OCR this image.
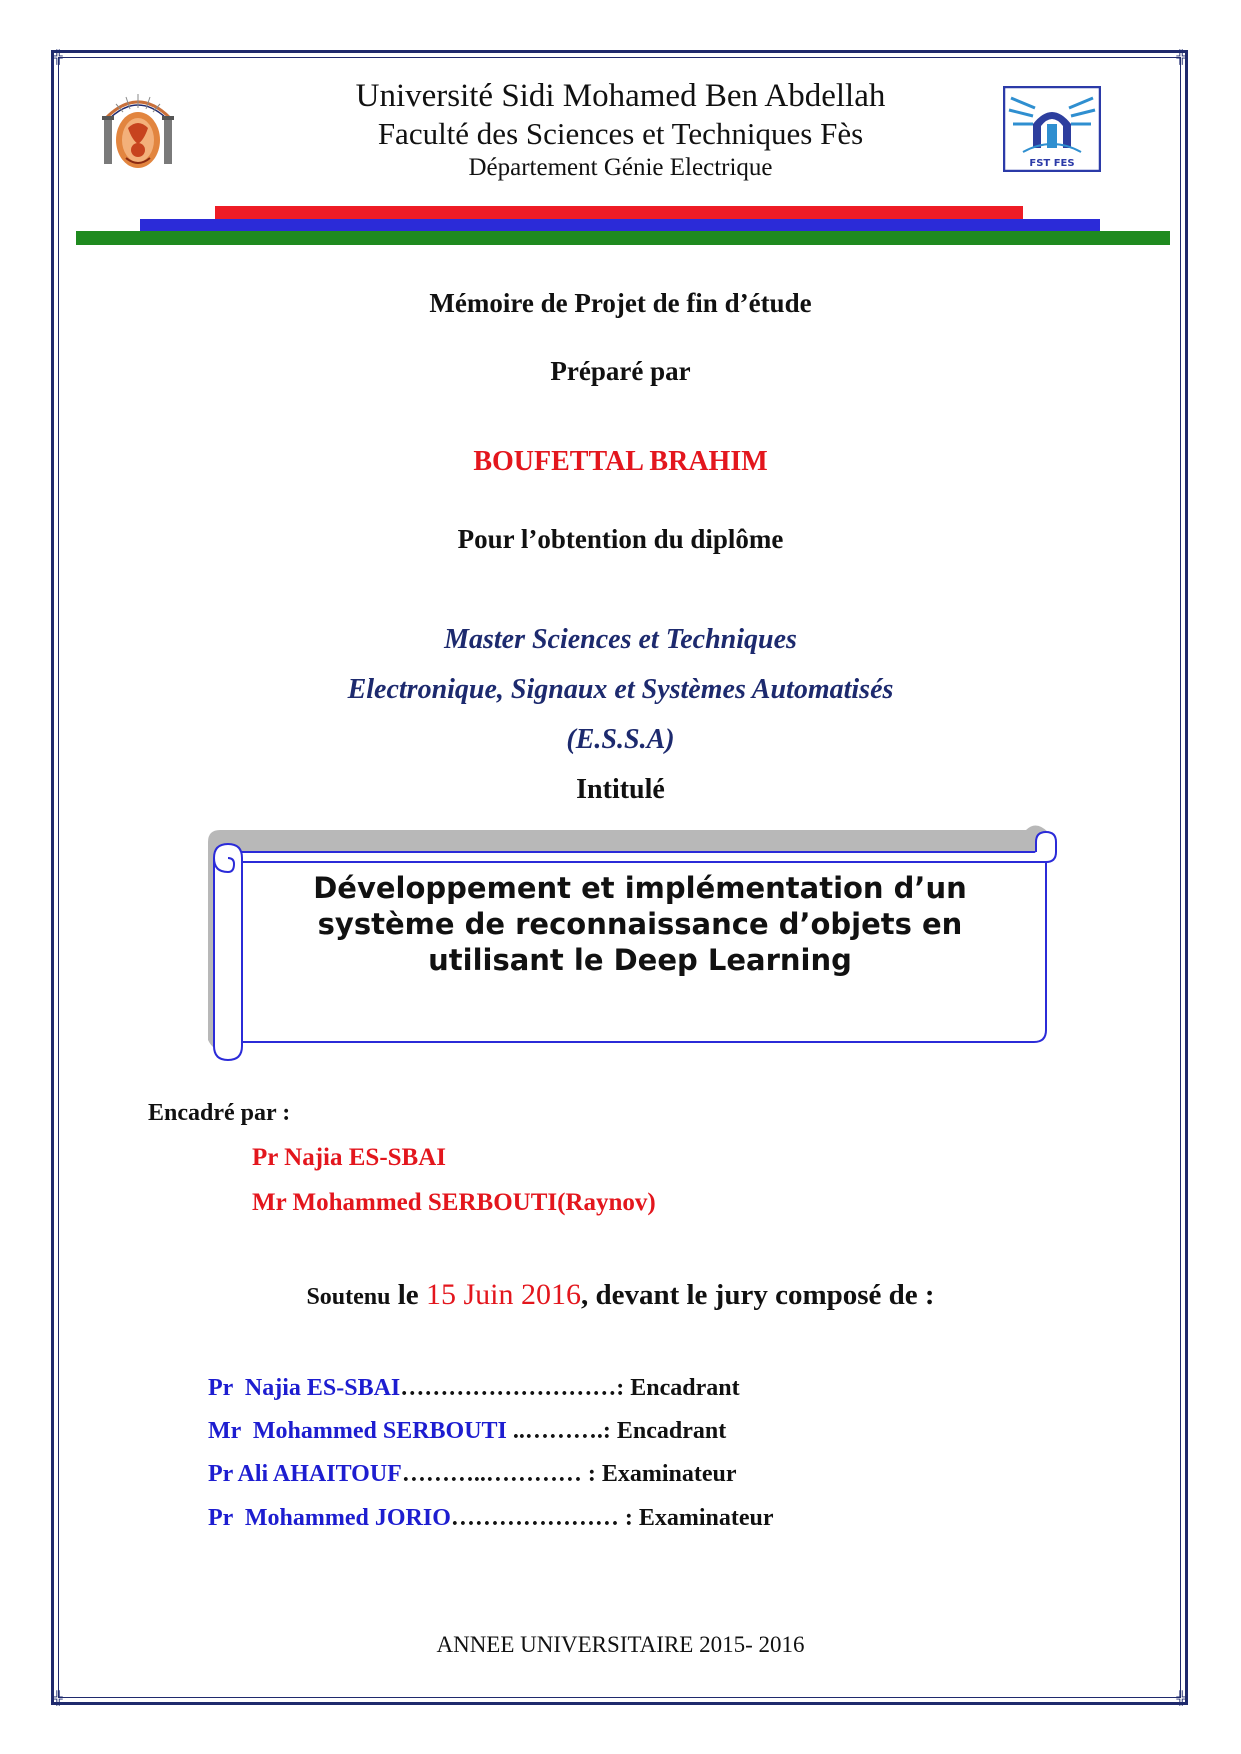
╬	╬
╬	╬
FST FES
Université Sidi Mohamed Ben Abdellah
Faculté des Sciences et Techniques Fès
Département Génie Electrique
Mémoire de Projet de fin d’étude
Préparé par
BOUFETTAL BRAHIM
Pour l’obtention du diplôme
Master Sciences et Techniques
Electronique, Signaux et Systèmes Automatisés
(E.S.S.A)
Intitulé
Développement et implémentation d’un
système de reconnaissance d’objets en
utilisant le Deep Learning
Encadré par :
Pr Najia ES-SBAI
Mr Mohammed SERBOUTI(Raynov)
Soutenu le 15 Juin 2016, devant le jury composé de :
Pr  Najia ES-SBAI………………………: Encadrant
Mr  Mohammed SERBOUTI ..……….: Encadrant
Pr Ali AHAITOUF………..………… : Examinateur
Pr  Mohammed JORIO………………… : Examinateur
ANNEE UNIVERSITAIRE 2015- 2016
